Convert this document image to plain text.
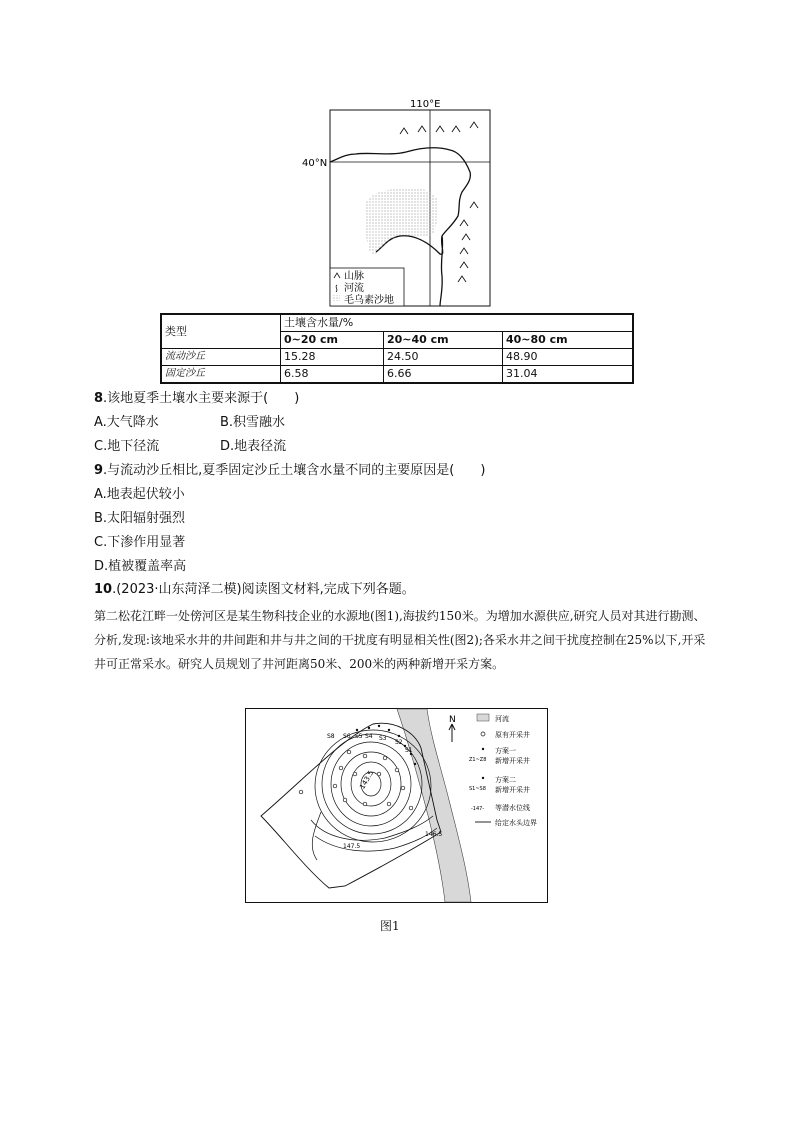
110°E
40°N
山脉
河流
毛乌素沙地
类型	土壤含水量/%		
	0~20 cm	20~40 cm	40~80 cm
流动沙丘	15.28	24.50	48.90
固定沙丘	6.58	6.66	31.04
8.该地夏季土壤水主要来源于(　　)
A.大气降水	B.积雪融水
C.地下径流	D.地表径流
9.与流动沙丘相比,夏季固定沙丘土壤含水量不同的主要原因是(　　)
A.地表起伏较小
B.太阳辐射强烈
C.下渗作用显著
D.植被覆盖率高
10.(2023·山东菏泽二模)阅读图文材料,完成下列各题。
第二松花江畔一处傍河区是某生物科技企业的水源地(图1),海拔约150米。为增加水源供应,研究人员对其进行勘测、分析,发现:该地采水井的井间距和井与井之间的干扰度有明显相关性(图2);各采水井之间干扰度控制在25%以下,开采井可正常采水。研究人员规划了井河距离50米、200米的两种新增开采方案。
143.5
146.5
147.5
S8 S6 S5 S4 S3
S2
S1
N	河流
原有开采井
方案一
Z1~Z8 新增开采井
方案二
S1~S8 新增开采井
-147- 等潜水位线
给定水头边界
图1
